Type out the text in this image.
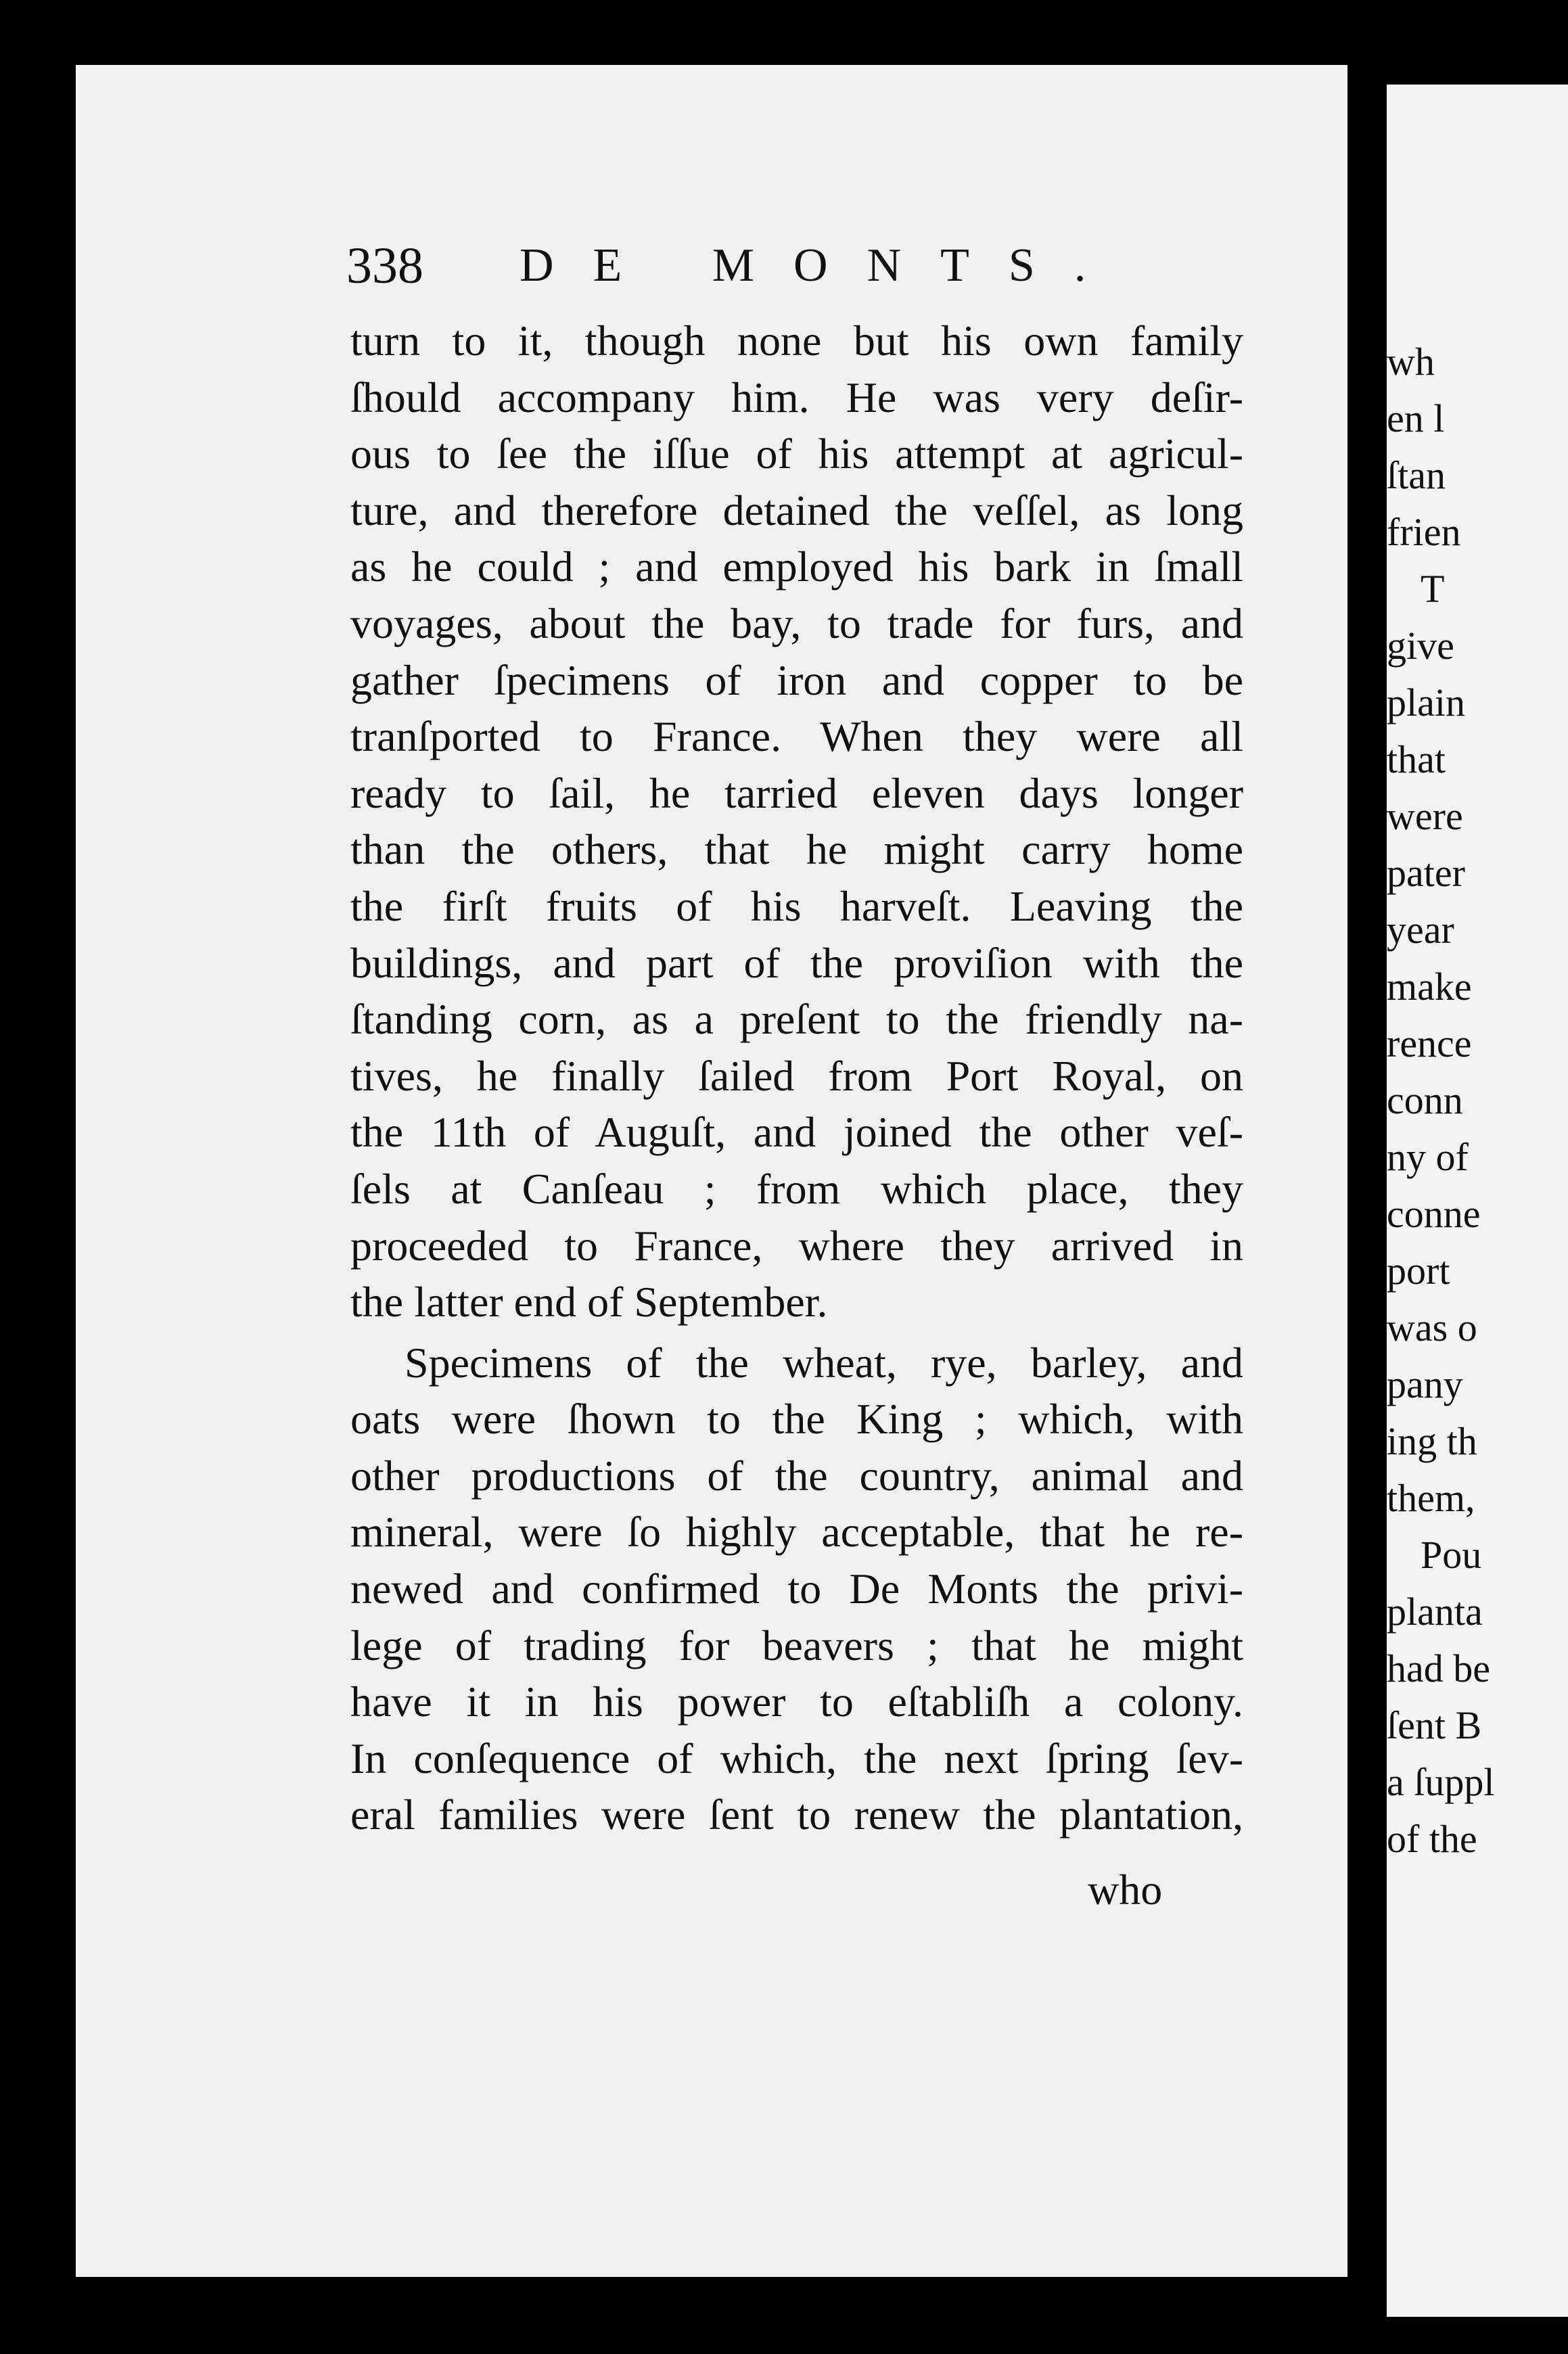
338 DE MONTS.
turn to it, though none but his own family
ſhould accompany him. He was very deſir-
ous to ſee the iſſue of his attempt at agricul-
ture, and therefore detained the veſſel, as long
as he could ; and employed his bark in ſmall
voyages, about the bay, to trade for furs, and
gather ſpecimens of iron and copper to be
tranſported to France. When they were all
ready to ſail, he tarried eleven days longer
than the others, that he might carry home
the firſt fruits of his harveſt. Leaving the
buildings, and part of the proviſion with the
ſtanding corn, as a preſent to the friendly na-
tives, he finally ſailed from Port Royal, on
the 11th of Auguſt, and joined the other veſ-
ſels at Canſeau ; from which place, they
proceeded to France, where they arrived in
the latter end of September.
Specimens of the wheat, rye, barley, and
oats were ſhown to the King ; which, with
other productions of the country, animal and
mineral, were ſo highly acceptable, that he re-
newed and confirmed to De Monts the privi-
lege of trading for beavers ; that he might
have it in his power to eſtabliſh a colony.
In conſequence of which, the next ſpring ſev-
eral families were ſent to renew the plantation,
who
wh
en l
ſtan
frien
T
give
plain
that
were
pater
year
make
rence
conn
ny of
conne
port
was o
pany
ing th
them,
Pou
planta
had be
ſent B
a ſuppl
of the
